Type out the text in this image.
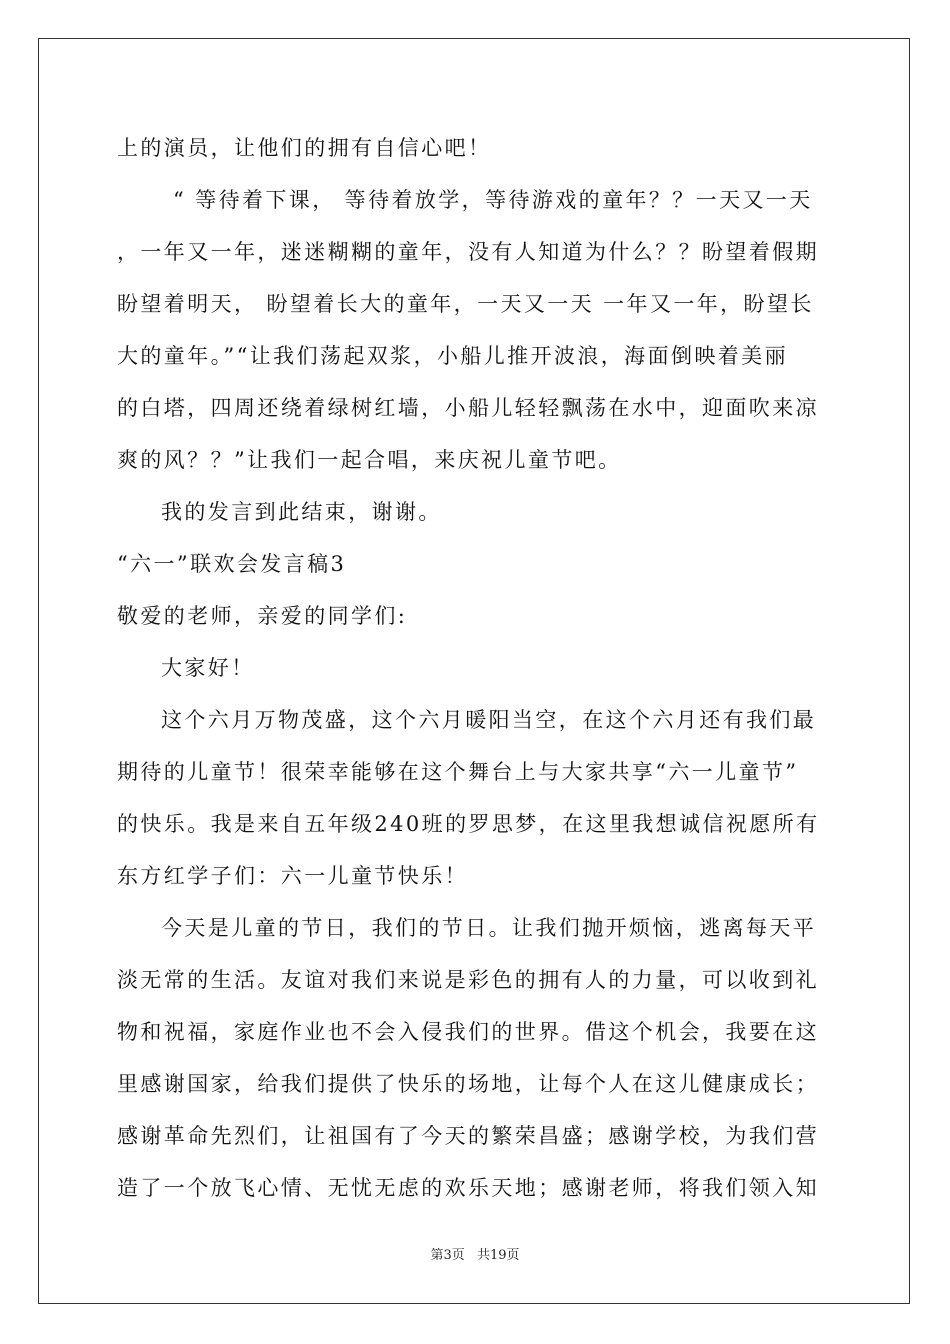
上的演员，让他们的拥有自信心吧！
“ 等待着下课， 等待着放学，等待游戏的童年？？一天又一天
，一年又一年，迷迷糊糊的童年，没有人知道为什么？？盼望着假期
盼望着明天， 盼望着长大的童年，一天又一天 一年又一年，盼望长
大的童年。”“让我们荡起双浆，小船儿推开波浪，海面倒映着美丽
的白塔，四周还绕着绿树红墙，小船儿轻轻飘荡在水中，迎面吹来凉
爽的风？？”让我们一起合唱，来庆祝儿童节吧。
我的发言到此结束，谢谢。
“六一”联欢会发言稿3
敬爱的老师，亲爱的同学们:
大家好！
这个六月万物茂盛，这个六月暖阳当空，在这个六月还有我们最
期待的儿童节！很荣幸能够在这个舞台上与大家共享“六一儿童节”
的快乐。我是来自五年级240班的罗思梦，在这里我想诚信祝愿所有
东方红学子们：六一儿童节快乐！
今天是儿童的节日，我们的节日。让我们抛开烦恼，逃离每天平
淡无常的生活。友谊对我们来说是彩色的拥有人的力量，可以收到礼
物和祝福，家庭作业也不会入侵我们的世界。借这个机会，我要在这
里感谢国家，给我们提供了快乐的场地，让每个人在这儿健康成长；
感谢革命先烈们，让祖国有了今天的繁荣昌盛；感谢学校，为我们营
造了一个放飞心情、无忧无虑的欢乐天地；感谢老师，将我们领入知
第3页 共19页
